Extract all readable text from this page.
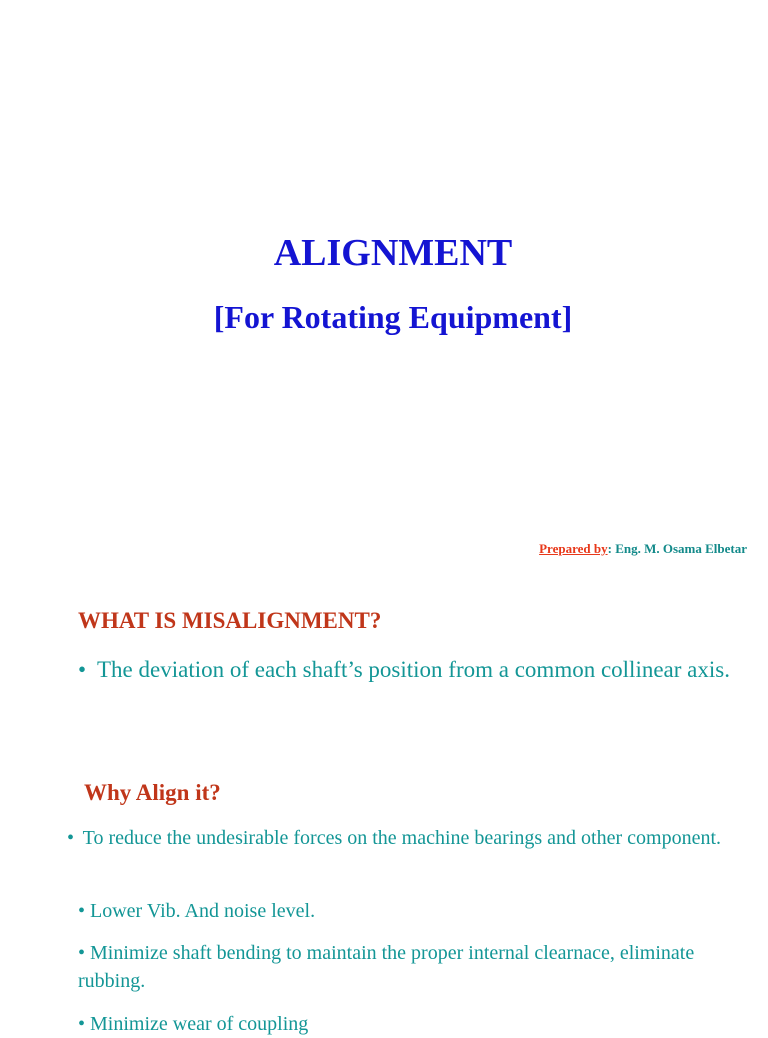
ALIGNMENT
[For Rotating Equipment]
Prepared by: Eng. M. Osama Elbetar
WHAT IS MISALIGNMENT?

• The deviation of each shaft’s position from a common collinear axis.

Why Align it?

• To reduce the undesirable forces on the machine bearings and other component.

• Lower Vib. And noise level.

• Minimize shaft bending to maintain the proper internal clearnace, eliminate rubbing.

• Minimize wear of coupling
